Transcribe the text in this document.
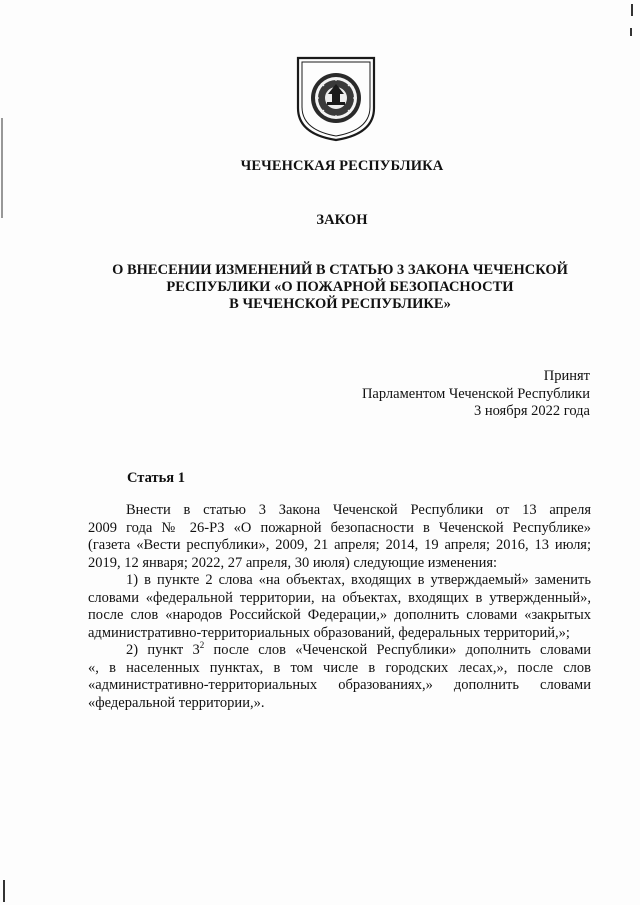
ЧЕЧЕНСКАЯ РЕСПУБЛИКА
ЗАКОН
О ВНЕСЕНИИ ИЗМЕНЕНИЙ В СТАТЬЮ 3 ЗАКОНА ЧЕЧЕНСКОЙ
РЕСПУБЛИКИ «О ПОЖАРНОЙ БЕЗОПАСНОСТИ
В ЧЕЧЕНСКОЙ РЕСПУБЛИКЕ»
Принят
Парламентом Чеченской Республики
3 ноября 2022 года
Статья 1
Внести в статью 3 Закона Чеченской Республики от 13 апреля
2009 года № 26-РЗ «О пожарной безопасности в Чеченской Республике»
(газета «Вести республики», 2009, 21 апреля; 2014, 19 апреля; 2016, 13 июля;
2019, 12 января; 2022, 27 апреля, 30 июля) следующие изменения:
1) в пункте 2 слова «на объектах, входящих в утверждаемый» заменить
словами «федеральной территории, на объектах, входящих в утвержденный»,
после слов «народов Российской Федерации,» дополнить словами «закрытых
административно-территориальных образований, федеральных территорий,»;
2) пункт $3^2$ после слов «Чеченской Республики» дополнить словами
«, в населенных пунктах, в том числе в городских лесах,», после слов
«административно-территориальных образованиях,» дополнить словами
«федеральной территории,».
